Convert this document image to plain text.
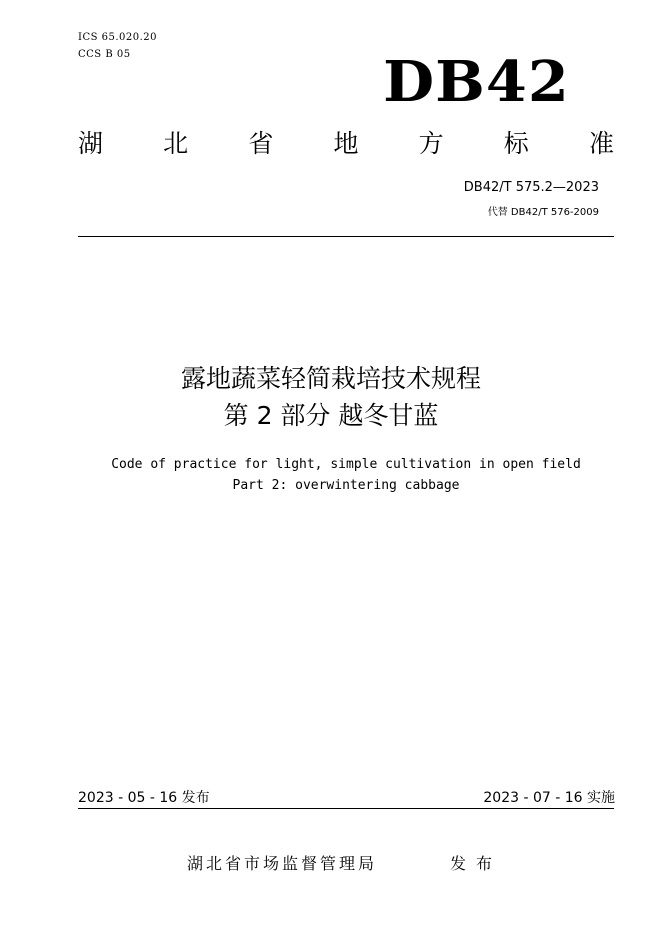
ICS 65.020.20
CCS B 05	DB42
湖 北 省 地 方 标 准
DB42/T 575.2—2023
代替 DB42/T 576-2009
露地蔬菜轻简栽培技术规程
第 2 部分 越冬甘蓝
Code of practice for light, simple cultivation in open field
Part 2: overwintering cabbage
2023 - 05 - 16 发布	2023 - 07 - 16 实施
湖北省市场监督管理局	发布
